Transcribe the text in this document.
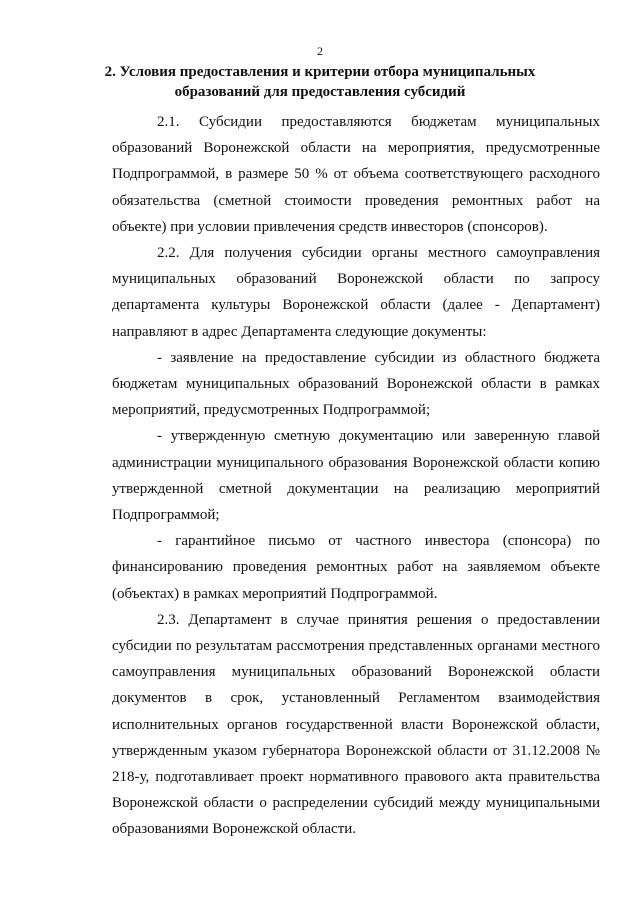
2
2. Условия предоставления и критерии отбора муниципальных
образований для предоставления субсидий

2.1. Субсидии предоставляются бюджетам муниципальных образований Воронежской области на мероприятия, предусмотренные Подпрограммой, в размере 50 % от объема соответствующего расходного обязательства (сметной стоимости проведения ремонтных работ на объекте) при условии привлечения средств инвесторов (спонсоров).

2.2. Для получения субсидии органы местного самоуправления муниципальных образований Воронежской области по запросу департамента культуры Воронежской области (далее - Департамент) направляют в адрес Департамента следующие документы:

- заявление на предоставление субсидии из областного бюджета бюджетам муниципальных образований Воронежской области в рамках мероприятий, предусмотренных Подпрограммой;

- утвержденную сметную документацию или заверенную главой администрации муниципального образования Воронежской области копию утвержденной сметной документации на реализацию мероприятий Подпрограммой;

- гарантийное письмо от частного инвестора (спонсора) по финансированию проведения ремонтных работ на заявляемом объекте (объектах) в рамках мероприятий Подпрограммой.

2.3. Департамент в случае принятия решения о предоставлении субсидии по результатам рассмотрения представленных органами местного самоуправления муниципальных образований Воронежской области документов в срок, установленный Регламентом взаимодействия исполнительных органов государственной власти Воронежской области, утвержденным указом губернатора Воронежской области от 31.12.2008 № 218-у, подготавливает проект нормативного правового акта правительства Воронежской области о распределении субсидий между муниципальными образованиями Воронежской области.
